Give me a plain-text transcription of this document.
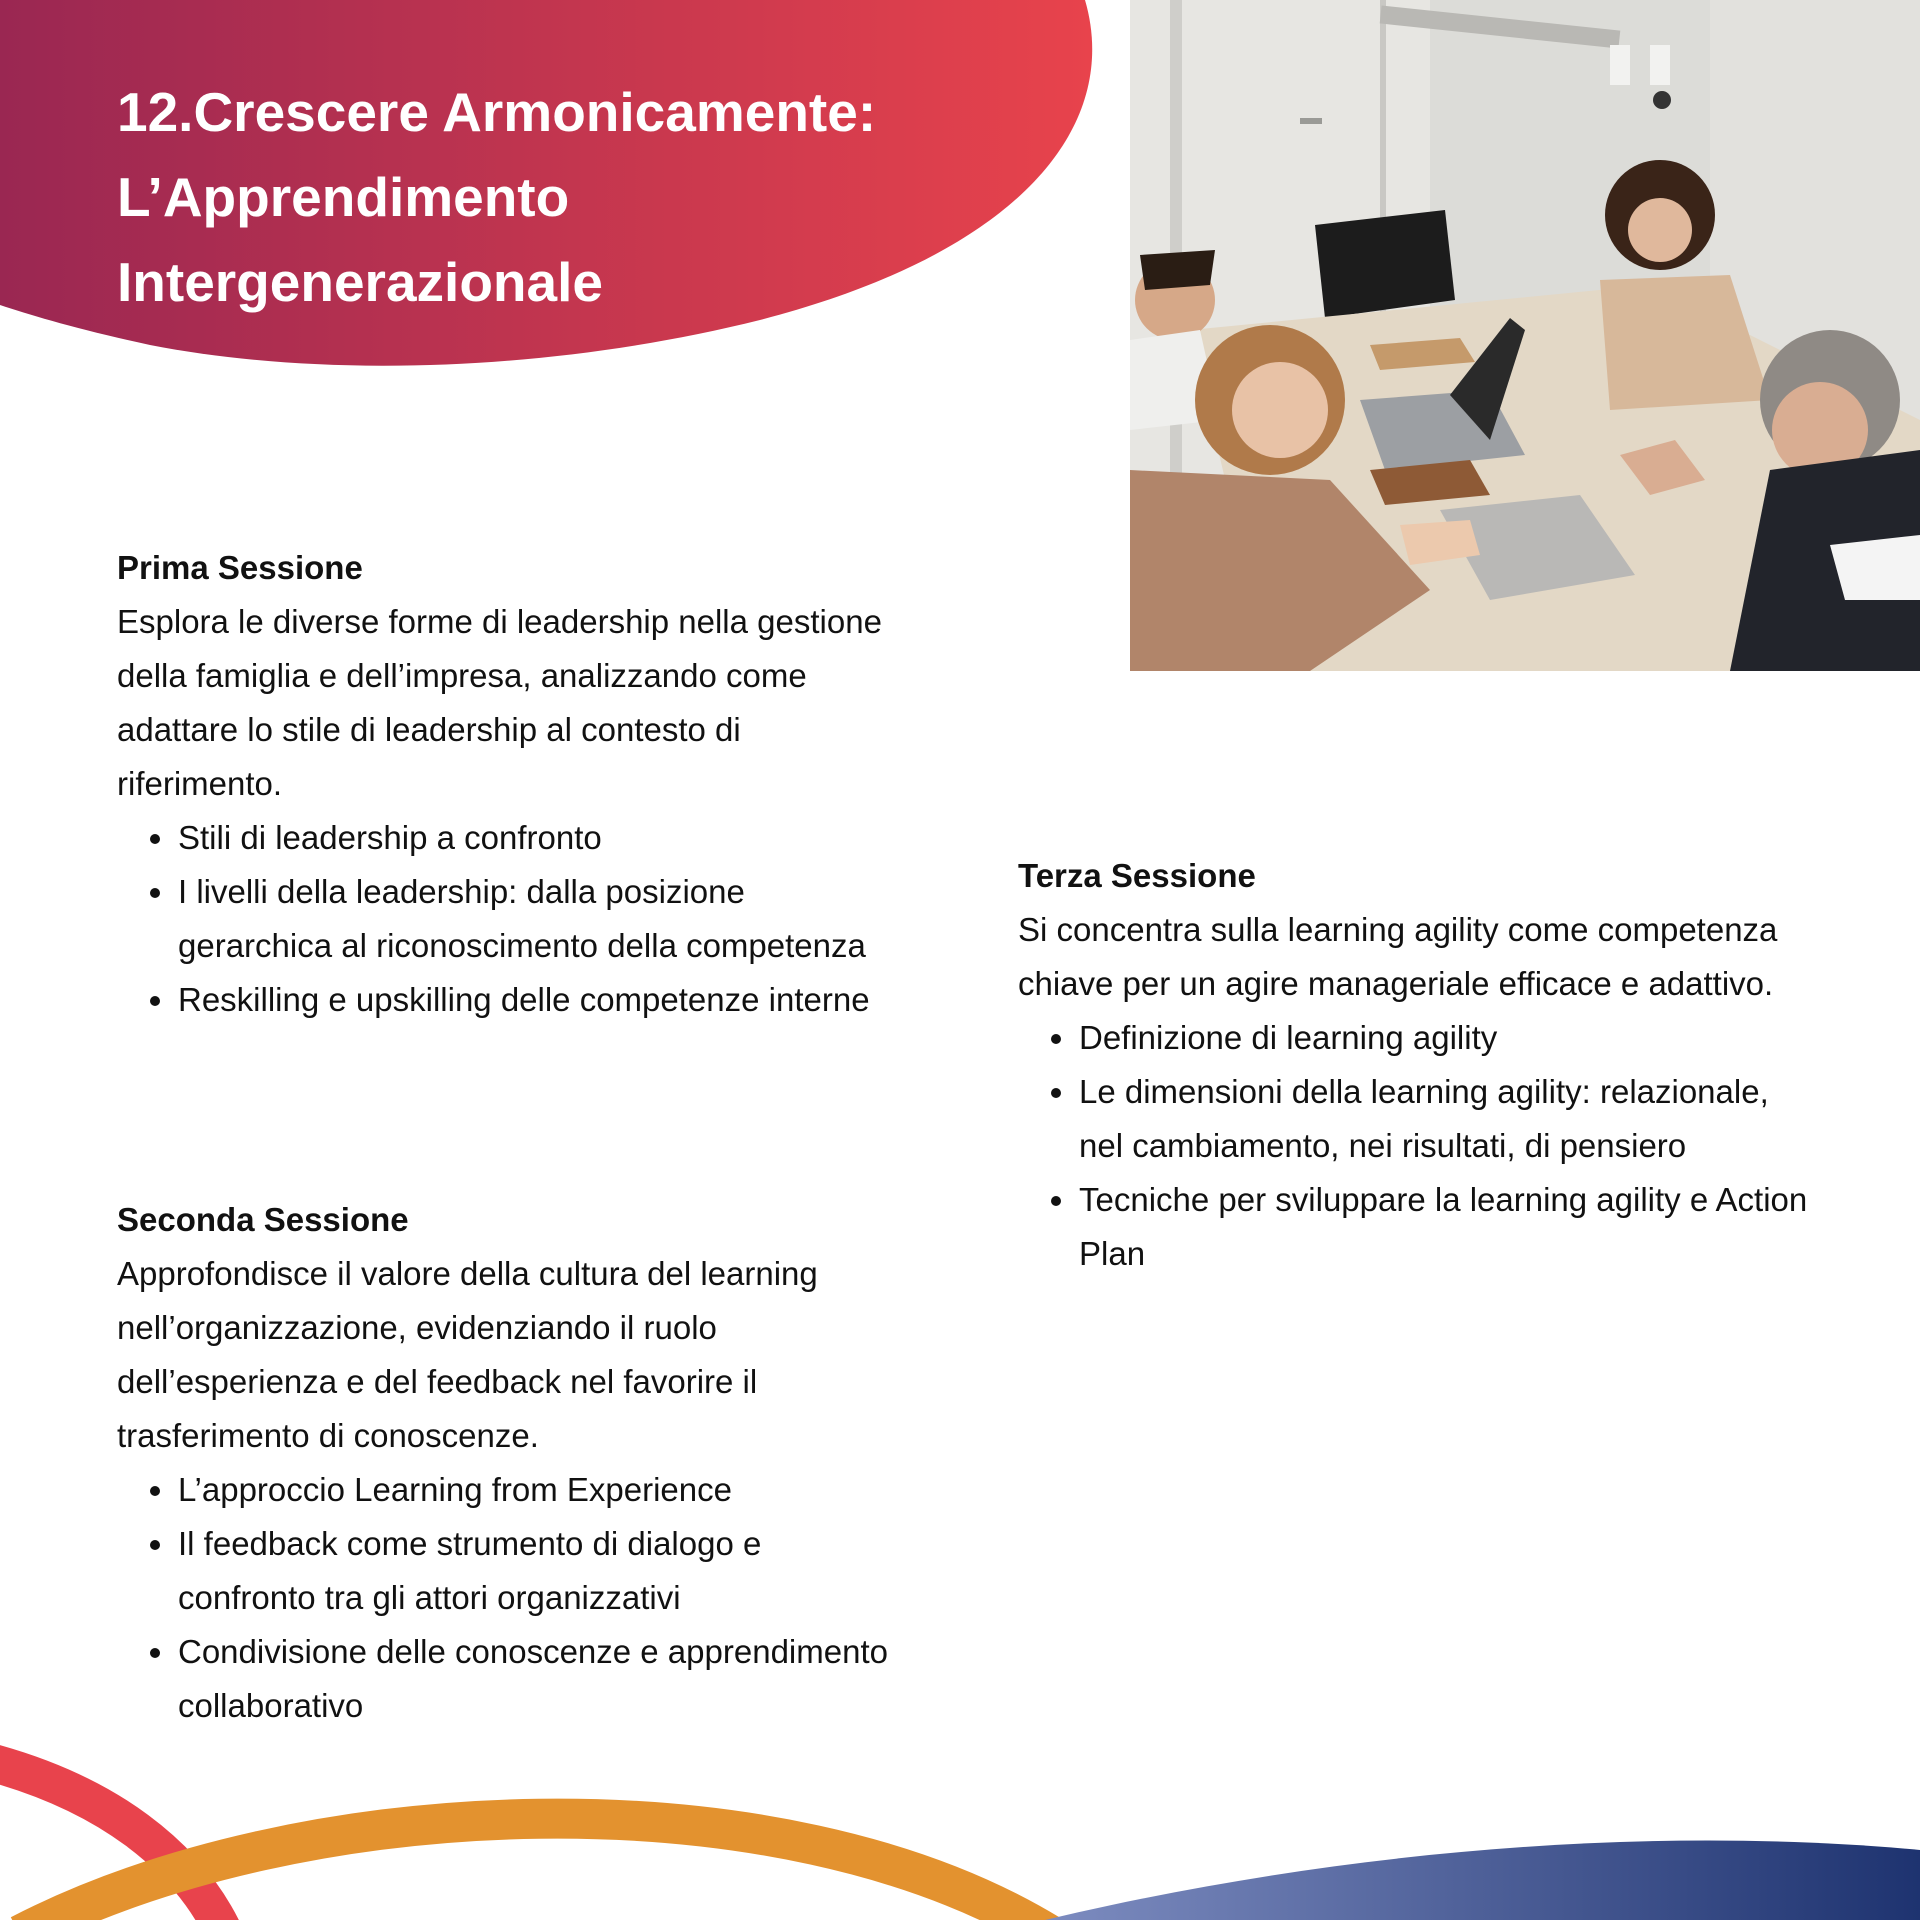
12.Crescere Armonicamente:
L’Apprendimento
Intergenerazionale

Prima Sessione

Esplora le diverse forme di leadership nella gestione della famiglia e dell’impresa, analizzando come adattare lo stile di leadership al contesto di riferimento.

Stili di leadership a confronto
I livelli della leadership: dalla posizione gerarchica al riconoscimento della competenza
Reskilling e upskilling delle competenze interne

Seconda Sessione

Approfondisce il valore della cultura del learning nell’organizzazione, evidenziando il ruolo dell’esperienza e del feedback nel favorire il trasferimento di conoscenze.

L’approccio Learning from Experience
Il feedback come strumento di dialogo e confronto tra gli attori organizzativi
Condivisione delle conoscenze e apprendimento collaborativo

Terza Sessione

Si concentra sulla learning agility come competenza chiave per un agire manageriale efficace e adattivo.

Definizione di learning agility
Le dimensioni della learning agility: relazionale, nel cambiamento, nei risultati, di pensiero
Tecniche per sviluppare la learning agility e Action Plan
